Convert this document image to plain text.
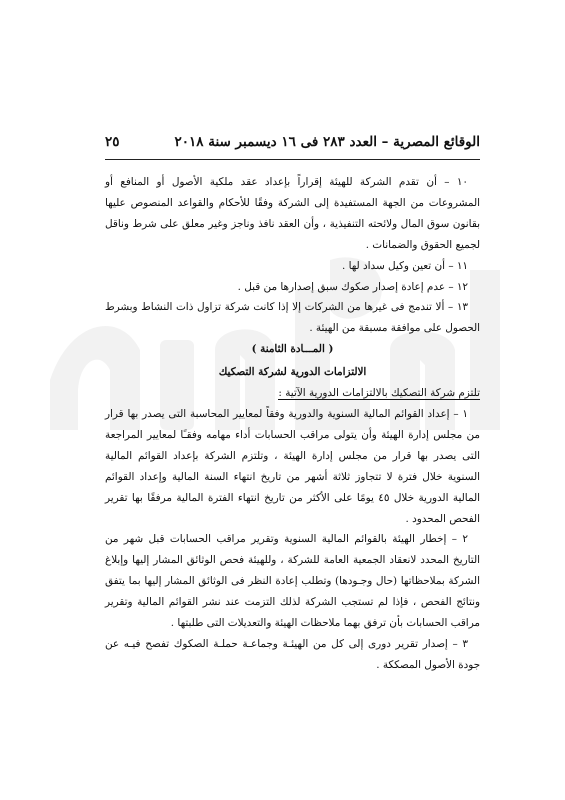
الوقائع المصرية – العدد ٢٨٣ فى ١٦ ديسمبر سنة ٢٠١٨
٢٥

١٠ – أن تقدم الشركة للهيئة إقراراً بإعداد عقد ملكية الأصول أو المنافع أو المشروعات من الجهة المستفيدة إلى الشركة وفقًا للأحكام والقواعد المنصوص عليها بقانون سوق المال ولائحته التنفيذية ، وأن العقد نافذ وناجز وغير معلق على شرط وناقل لجميع الحقوق والضمانات .

١١ – أن تعين وكيل سداد لها .

١٢ – عدم إعادة إصدار صكوك سبق إصدارها من قبل .

١٣ – ألا تندمج فى غيرها من الشركات إلا إذا كانت شركة تزاول ذات النشاط وبشرط الحصول على موافقة مسبقة من الهيئة .

( المـــادة الثامنة )

الالتزامات الدورية لشركة التصكيك

تلتزم شركة التصكيك بالالتزامات الدورية الآتية :

١ – إعداد القوائم المالية السنوية والدورية وفقاً لمعايير المحاسبة التى يصدر بها قرار من مجلس إدارة الهيئة وأن يتولى مراقب الحسابات أداء مهامه وفقـًا لمعايير المراجعة التى يصدر بها قرار من مجلس إدارة الهيئة ، وتلتزم الشركة بإعداد القوائم المالية السنوية خلال فترة لا تتجاوز ثلاثة أشهر من تاريخ انتهاء السنة المالية وإعداد القوائم المالية الدورية خلال ٤٥ يومًا على الأكثر من تاريخ انتهاء الفترة المالية مرفقًا بها تقرير الفحص المحدود .

٢ – إخطار الهيئة بالقوائم المالية السنوية وتقرير مراقب الحسابات قبل شهر من التاريخ المحدد لانعقاد الجمعية العامة للشركة ، وللهيئة فحص الوثائق المشار إليها وإبلاغ الشركة بملاحظاتها (حال وجـودها) وتطلب إعادة النظر فى الوثائق المشار إليها بما يتفق ونتائج الفحص ، فإذا لم تستجب الشركة لذلك التزمت عند نشر القوائم المالية وتقرير مراقب الحسابات بأن ترفق بهما ملاحظات الهيئة والتعديلات التى طلبتها .

٣ – إصدار تقرير دورى إلى كل من الهيئـة وجماعـة حملـة الصكوك تفصح فيـه عن جودة الأصول المصككة .
